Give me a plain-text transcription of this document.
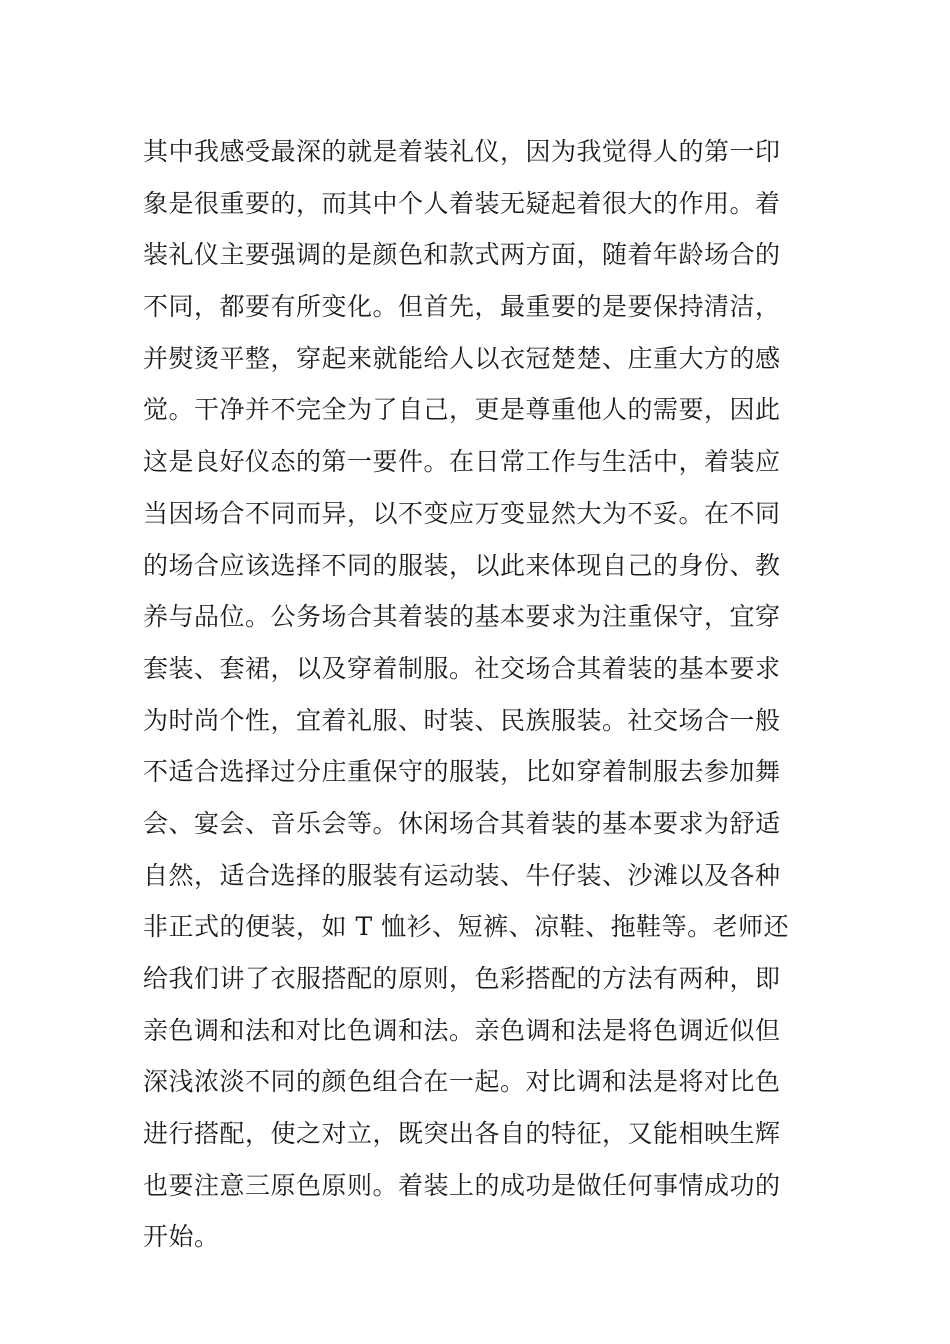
其中我感受最深的就是着装礼仪，因为我觉得人的第一印
象是很重要的，而其中个人着装无疑起着很大的作用。着
装礼仪主要强调的是颜色和款式两方面，随着年龄场合的
不同，都要有所变化。但首先，最重要的是要保持清洁，
并熨烫平整，穿起来就能给人以衣冠楚楚、庄重大方的感
觉。干净并不完全为了自己，更是尊重他人的需要，因此
这是良好仪态的第一要件。在日常工作与生活中，着装应
当因场合不同而异，以不变应万变显然大为不妥。在不同
的场合应该选择不同的服装，以此来体现自己的身份、教
养与品位。公务场合其着装的基本要求为注重保守，宜穿
套装、套裙，以及穿着制服。社交场合其着装的基本要求
为时尚个性，宜着礼服、时装、民族服装。社交场合一般
不适合选择过分庄重保守的服装，比如穿着制服去参加舞
会、宴会、音乐会等。休闲场合其着装的基本要求为舒适
自然，适合选择的服装有运动装、牛仔装、沙滩以及各种
非正式的便装，如 T 恤衫、短裤、凉鞋、拖鞋等。老师还
给我们讲了衣服搭配的原则，色彩搭配的方法有两种，即
亲色调和法和对比色调和法。亲色调和法是将色调近似但
深浅浓淡不同的颜色组合在一起。对比调和法是将对比色
进行搭配，使之对立，既突出各自的特征，又能相映生辉
也要注意三原色原则。着装上的成功是做任何事情成功的
开始。
